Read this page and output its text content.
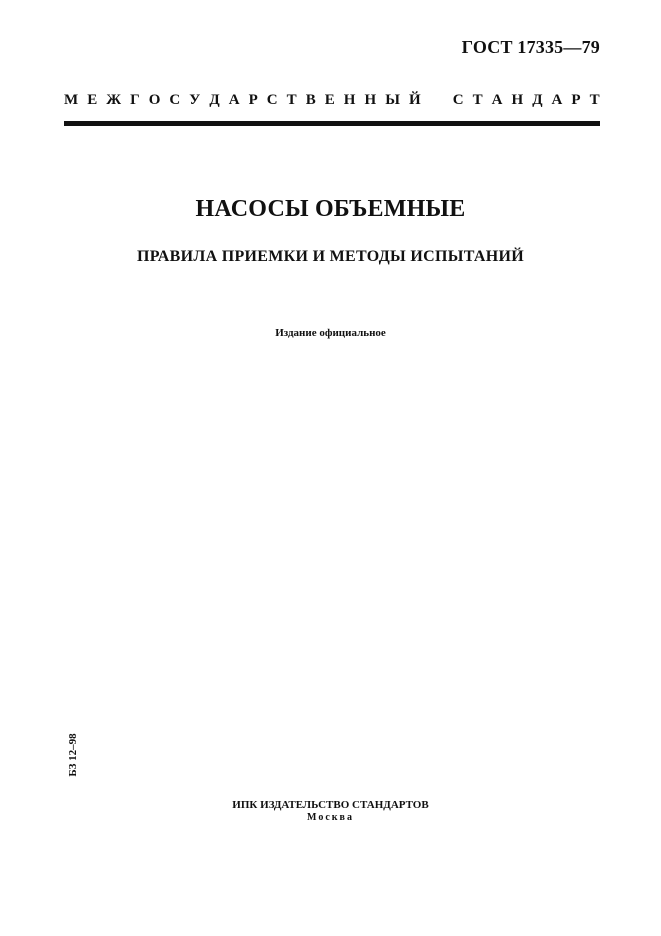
ГОСТ 17335—79
М Е Ж Г О С У Д А Р С Т В Е Н Н Ы Й
С Т А Н Д А Р Т
НАСОСЫ ОБЪЕМНЫЕ
ПРАВИЛА ПРИЕМКИ И МЕТОДЫ ИСПЫТАНИЙ
Издание официальное
БЗ 12–98
ИПК ИЗДАТЕЛЬСТВО СТАНДАРТОВ
Москва
